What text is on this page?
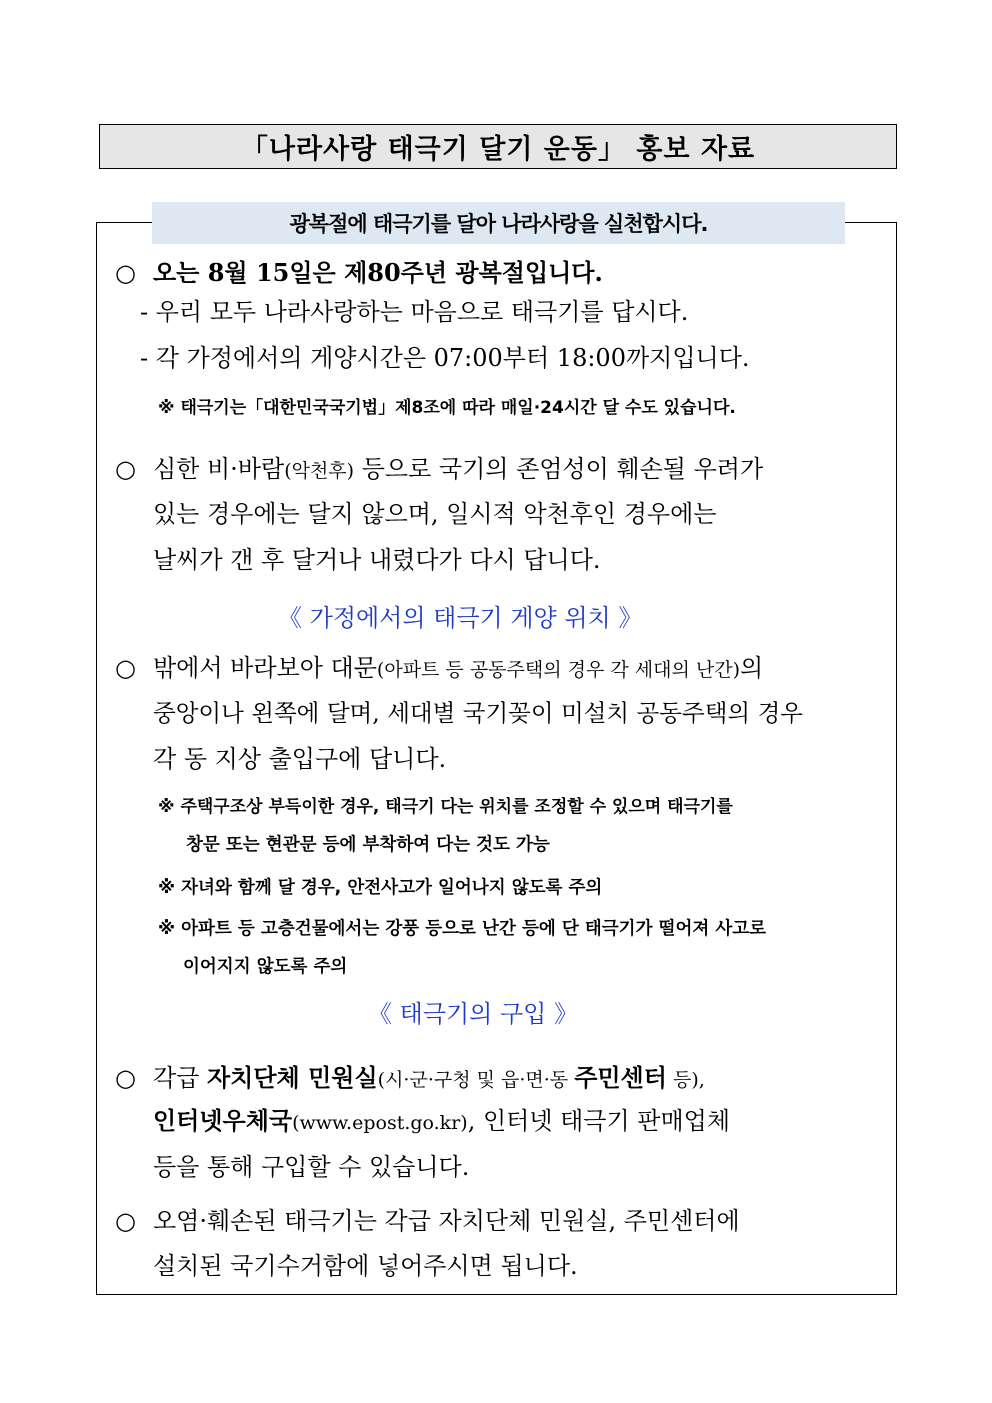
「나라사랑 태극기 달기 운동」 홍보 자료
광복절에 태극기를 달아 나라사랑을 실천합시다.
○ 오는 8월 15일은 제80주년 광복절입니다.
- 우리 모두 나라사랑하는 마음으로 태극기를 답시다.
- 각 가정에서의 게양시간은 07:00부터 18:00까지입니다.
※ 태극기는「대한민국국기법」제8조에 따라 매일·24시간 달 수도 있습니다.
○ 심한 비·바람(악천후) 등으로 국기의 존엄성이 훼손될 우려가
있는 경우에는 달지 않으며, 일시적 악천후인 경우에는
날씨가 갠 후 달거나 내렸다가 다시 답니다.
《 가정에서의 태극기 게양 위치 》
○ 밖에서 바라보아 대문(아파트 등 공동주택의 경우 각 세대의 난간)의
중앙이나 왼쪽에 달며, 세대별 국기꽂이 미설치 공동주택의 경우
각 동 지상 출입구에 답니다.
※ 주택구조상 부득이한 경우, 태극기 다는 위치를 조정할 수 있으며 태극기를
창문 또는 현관문 등에 부착하여 다는 것도 가능
※ 자녀와 함께 달 경우, 안전사고가 일어나지 않도록 주의
※ 아파트 등 고층건물에서는 강풍 등으로 난간 등에 단 태극기가 떨어져 사고로
이어지지 않도록 주의
《 태극기의 구입 》
○ 각급 자치단체 민원실(시·군·구청 및 읍·면·동 주민센터 등),
인터넷우체국(www.epost.go.kr), 인터넷 태극기 판매업체
등을 통해 구입할 수 있습니다.
○ 오염·훼손된 태극기는 각급 자치단체 민원실, 주민센터에
설치된 국기수거함에 넣어주시면 됩니다.
